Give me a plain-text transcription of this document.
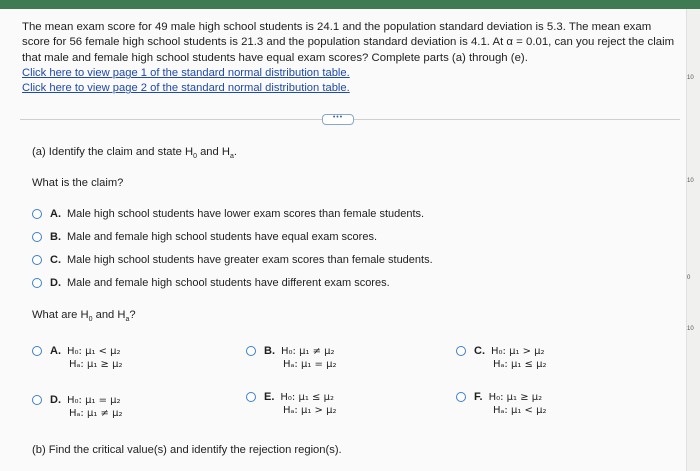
10
10
0
10
The mean exam score for 49 male high school students is 24.1 and the population standard deviation is 5.3. The mean exam score for 56 female high school students is 21.3 and the population standard deviation is 4.1. At α = 0.01, can you reject the claim that male and female high school students have equal exam scores? Complete parts (a) through (e).
Click here to view page 1 of the standard normal distribution table.
Click here to view page 2 of the standard normal distribution table.
•••
(a) Identify the claim and state $H_0$ and $H_a$.
What is the claim?
A. Male high school students have lower exam scores than female students.
B. Male and female high school students have equal exam scores.
C. Male high school students have greater exam scores than female students.
D. Male and female high school students have different exam scores.
What are $H_0$ and $H_a$?
A. H₀: μ₁ < μ₂
Hₐ: μ₁ ≥ μ₂
B. H₀: μ₁ ≠ μ₂
Hₐ: μ₁ = μ₂
C. H₀: μ₁ > μ₂
Hₐ: μ₁ ≤ μ₂
D. H₀: μ₁ = μ₂
Hₐ: μ₁ ≠ μ₂
E. H₀: μ₁ ≤ μ₂
Hₐ: μ₁ > μ₂
F. H₀: μ₁ ≥ μ₂
Hₐ: μ₁ < μ₂
(b) Find the critical value(s) and identify the rejection region(s).
